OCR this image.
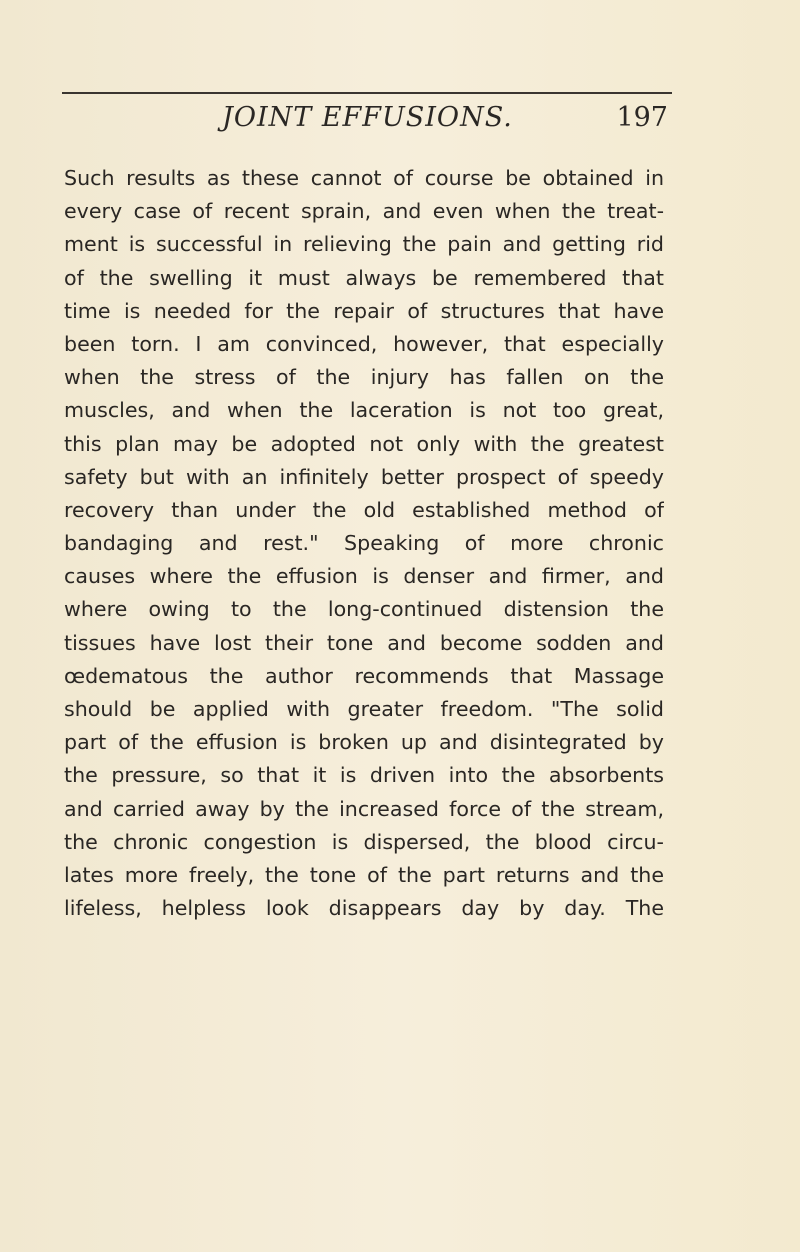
JOINT EFFUSIONS.	197
Such results as these cannot of course be obtained in
every case of recent sprain, and even when the treat-
ment is successful in relieving the pain and getting rid
of the swelling it must always be remembered that
time is needed for the repair of structures that have
been torn. I am convinced, however, that especially
when the stress of the injury has fallen on the
muscles, and when the laceration is not too great,
this plan may be adopted not only with the greatest
safety but with an infinitely better prospect of speedy
recovery than under the old established method of
bandaging and rest." Speaking of more chronic
causes where the effusion is denser and firmer, and
where owing to the long-continued distension the
tissues have lost their tone and become sodden and
œdematous the author recommends that Massage
should be applied with greater freedom. "The solid
part of the effusion is broken up and disintegrated by
the pressure, so that it is driven into the absorbents
and carried away by the increased force of the stream,
the chronic congestion is dispersed, the blood circu-
lates more freely, the tone of the part returns and the
lifeless, helpless look disappears day by day. The
